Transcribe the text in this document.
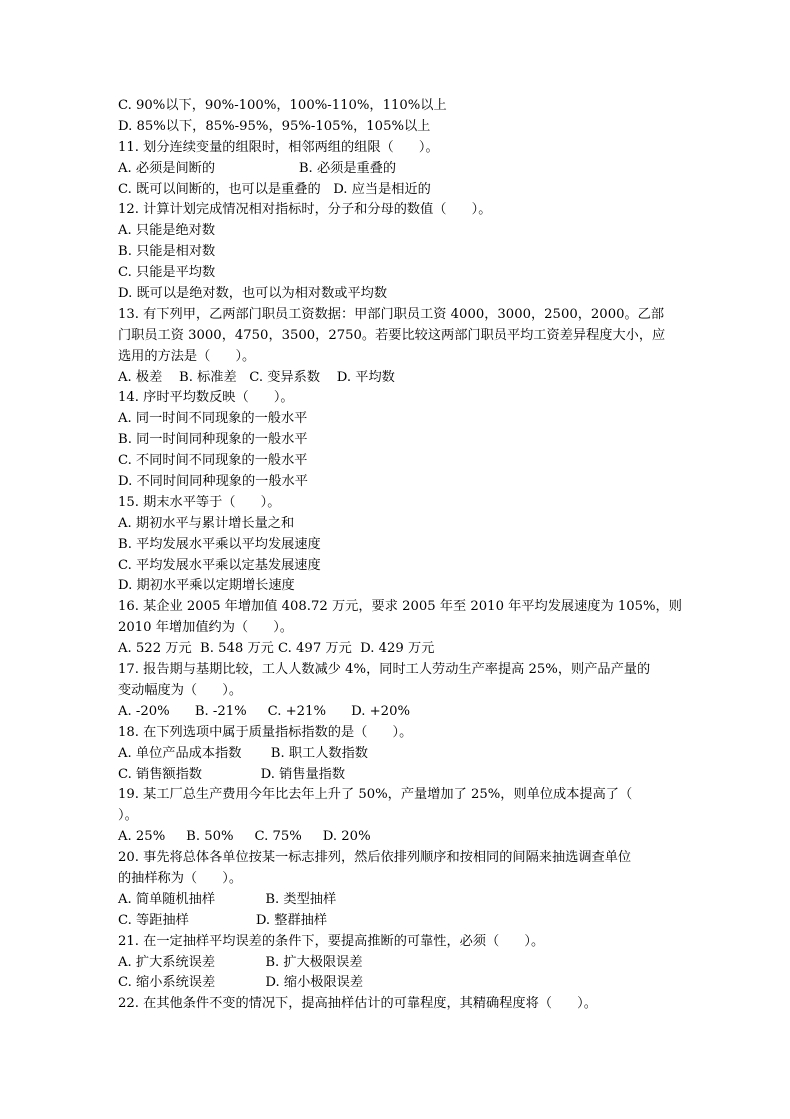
C. 90%以下，90%-100%，100%-110%，110%以上
D. 85%以下，85%-95%，95%-105%，105%以上
11. 划分连续变量的组限时，相邻两组的组限（      ）。
A. 必须是间断的                    B. 必须是重叠的
C. 既可以间断的，也可以是重叠的   D. 应当是相近的
12. 计算计划完成情况相对指标时，分子和分母的数值（      ）。
A. 只能是绝对数
B. 只能是相对数
C. 只能是平均数
D. 既可以是绝对数，也可以为相对数或平均数
13. 有下列甲，乙两部门职员工资数据：甲部门职员工资 4000，3000，2500，2000。乙部
门职员工资 3000，4750，3500，2750。若要比较这两部门职员平均工资差异程度大小，应
选用的方法是（      ）。
A. 极差    B. 标准差   C. 变异系数    D. 平均数
14. 序时平均数反映（      ）。
A. 同一时间不同现象的一般水平
B. 同一时间同种现象的一般水平
C. 不同时间不同现象的一般水平
D. 不同时间同种现象的一般水平
15. 期末水平等于（      ）。
A. 期初水平与累计增长量之和
B. 平均发展水平乘以平均发展速度
C. 平均发展水平乘以定基发展速度
D. 期初水平乘以定期增长速度
16. 某企业 2005 年增加值 408.72 万元，要求 2005 年至 2010 年平均发展速度为 105%，则
2010 年增加值约为（      ）。
A. 522 万元  B. 548 万元 C. 497 万元  D. 429 万元
17. 报告期与基期比较，工人人数减少 4%，同时工人劳动生产率提高 25%，则产品产量的
变动幅度为（      ）。
A. -20%      B. -21%     C. +21%      D. +20%
18. 在下列选项中属于质量指标指数的是（      ）。
A. 单位产品成本指数       B. 职工人数指数
C. 销售额指数              D. 销售量指数
19. 某工厂总生产费用今年比去年上升了 50%，产量增加了 25%，则单位成本提高了（
）。
A. 25%     B. 50%     C. 75%     D. 20%
20. 事先将总体各单位按某一标志排列，然后依排列顺序和按相同的间隔来抽选调查单位
的抽样称为（      ）。
A. 简单随机抽样            B. 类型抽样
C. 等距抽样                D. 整群抽样
21. 在一定抽样平均误差的条件下，要提高推断的可靠性，必须（      ）。
A. 扩大系统误差            B. 扩大极限误差
C. 缩小系统误差            D. 缩小极限误差
22. 在其他条件不变的情况下，提高抽样估计的可靠程度，其精确程度将（      ）。
